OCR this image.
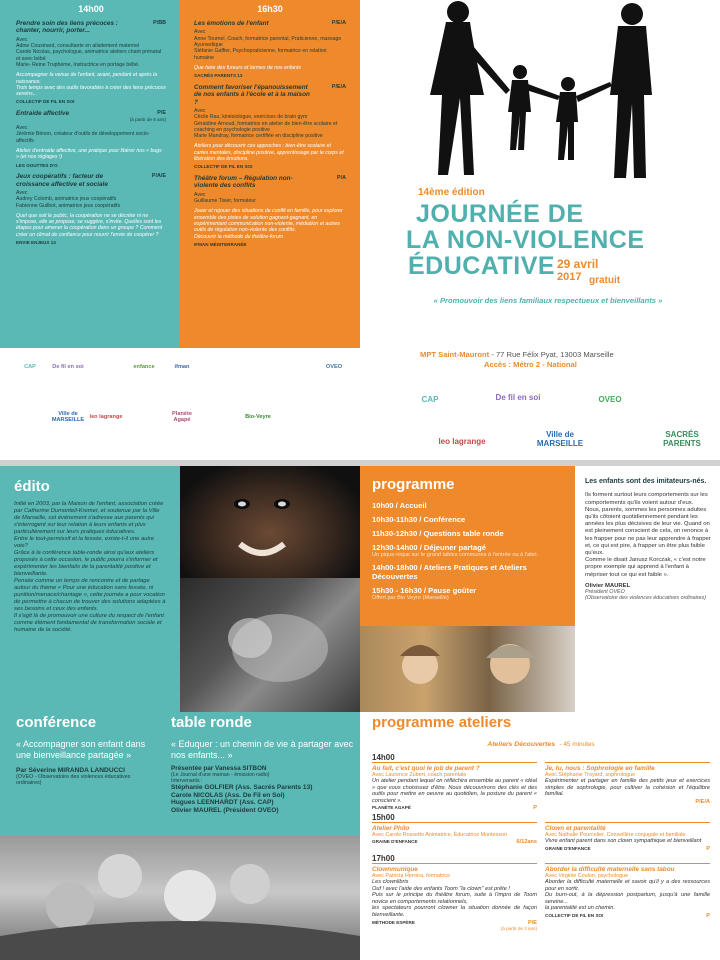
14h00
Prendre soin des liens précoces : chanter, nourrir, porter...
P/BB
Avec
Adine Cousinard, consultante en allaitement maternel
Carole Nicolas, psychologue, animatrice ateliers chant prénatal et avec bébé
Marie- Reine Truphème, Instructrice en portage bébé.
Accompagner la venue de l'enfant, avant, pendant et après la naissance.
Trois temps avec des outils favorables à créer des liens précoces sereins...
COLLECTIF DE FIL EN SOI
Entraide affective	P/E
(à partir de 6 ans)
Avec
Jérémie Bénon, créateur d'outils de développement socio-affectifs
Atelier d'entraide affective, une pratique pour libérer nos « bugs » (et nos réglages !)
LES GOUTTES D'O
Jeux coopératifs : facteur de croissance affective et sociale
P/A/E
Avec
Audrey Colomb, animatrice jeux coopératifs
Fabienne Guilbot, animatrice jeux coopératifs
Quel que soit le public, la coopération ne se décrète ni ne s'impose, elle se propose, se suggère, s'invite. Quelles sont les étapes pour amener la coopération dans un groupe ? Comment créer un climat de confiance pour nourrir l'envie de coopérer ?
ENVIE ENJEUX 13
16h30
Les émotions de l'enfant	P/E/A
Avec
Anne Tournel, Coach, formatrice parental, Praticienne, massage Ayurvedique
Stéfanie Gaffier, Psychopraticienne, formatrice en relation humaine
Que faire des fureurs et larmes de nos enfants
SACRÉS PARENTS 13
Comment favoriser l'épanouissement de nos enfants à l'école et à la maison ?
P/E/A
Avec
Cécile Rau, kinésiologue, exercices de brain gym
Géraldine Arnoud, formatrice en atelier de bien-être scolaire et coaching en psychologie positive
Marie Mandray, formatrice certifiée en discipline positive
Ateliers pour découvrir ces approches : bien-être scolaire et cartes mentales, discipline positive, apprentissage par le corps et libération des émotions.
COLLECTIF DE FIL EN SOI
Théâtre forum – Régulation non-violente des conflits
P/A
Avec
Guillaume Tisier, formateur
Jouer et rejouer des situations de conflit en famille, pour explorer ensemble des pistes de solution gagnant-gagnant, en expérimentant communication non-violente, médiation et autres outils de régulation non-violente des conflits.
Découvrir la méthode du théâtre-forum
IFMAN MÉDITERRANÉE
14ème édition
JOURNÉE DE
LA NON-VIOLENCE
ÉDUCATIVE 29 avril
2017 gratuit
« Promouvoir des liens familiaux respectueux et bienveillants »
CAP	De fil en soi	enfance	ifman	OVEO
Ville de MARSEILLE leo lagrange	Planète Agapé	Bio-Veyre
MPT Saint-Mauront - 77 Rue Félix Pyat, 13003 Marseille
Accès : Métro 2 - National
CAP	De fil en soi	OVEO
leo lagrange
Ville de MARSEILLE
SACRÉS PARENTS
édito
Initié en 2003, par la Maison de l'enfant, association créée par Catherine Dumonteil-Kremer, et soutenue par la Ville de Marseille, cet événement s'adresse aux parents qui s'interrogent sur leur relation à leurs enfants et plus particulièrement sur leurs pratiques éducatives.
Entre le tout-permissif et la fessée, existe-t-il une autre voie?
Grâce à la conférence table-ronde ainsi qu'aux ateliers proposés à cette occasion, le public pourra s'informer et expérimenter les bienfaits de la parentalité positive et bienveillante.
Pensée comme un temps de rencontre et de partage autour du thème « Pour une éducation sans fessée, ni punition/menace/chantage », cette journée a pour vocation de permettre à chacun de trouver des solutions adaptées à ses besoins et ceux des enfants.
Il s'agit là de promouvoir une culture du respect de l'enfant comme élément fondamental de transformation sociale et humaine de la société.
programme
10h00 / Accueil
10h30-11h30 / Conférence
11h30-12h30 / Questions table ronde
12h30-14h00 / Déjeuner partagé
Un pique-nique sur le grand tables communes à l'entrée ou à l'abri.
14h00-18h00 / Ateliers Pratiques et Ateliers Découvertes
15h30 - 16h30 / Pause goûter
Offert par Bio Veyre (Marseille)
Les enfants sont des imitateurs-nés.
Ils forment surtout leurs comportements sur les comportements qu'ils voient autour d'eux.
Nous, parents, sommes les personnes adultes qu'ils côtoient quotidiennement pendant les années les plus décisives de leur vie. Quand on est pleinement conscient de cela, on renonce à les frapper pour ne pas leur apprendre à frapper et, ce qui est pire, à frapper un être plus faible qu'eux.
Comme le disait Janusz Korczak, « c'est notre propre exemple qui apprend à l'enfant à mépriser tout ce qui est faible ».
Olivier MAUREL
Président OVEO
(Observatoire des violences éducatives ordinaires)
conférence
« Accompagner son enfant dans une bienveillance partagée »
Par Séverine MIRANDA LANDUCCI
(OVEO - Observatoire des violences éducatives ordinaires)
table ronde
« Eduquer : un chemin de vie à partager avec nos enfants... »
Présentée par Vanessa SITBON
(Le Journal d'une maman - émission radio)
Intervenants :
Stéphanie GOLFIER (Ass. Sacrés Parents 13)
Carole NICOLAS (Ass. De Fil en Soi)
Hugues LEENHARDT (Ass. CAP)
Olivier MAUREL (Président OVEO)
programme ateliers
Ateliers Découvertes - 45 minutes
14h00
Au fait, c'est quoi le job de parent ?
Avec Laurence Zubert, coach parentale
Un atelier pendant lequel on réfléchira ensemble au parent « idéal » que vous choisissez d'être. Nous découvrirons des clés et des outils pour mettre en oeuvre au quotidien, la posture du parent « conscient ».
PLANÈTE AGAPÉ	P
Je, tu, nous : Sophrologie en famille
Avec Stéphanie Troyard, sophrologue
Expérimenter et partager en famille des petits jeux et exercices simples de sophrologie, pour cultiver la cohésion et l'équilibre familial.
P/E/A
15h00
Atelier Philo
Avec Carole Rossetto Animatrice, Éducatrice Montessori
GRAINE D'ENFANCE	6/12ans
Clown et parentalité
Avec Nathalie Pourcelier, Conseillère conjugale et familiale
Vivre enfant parent dans son clown sympathique et bienveillant
GRAINE D'ENFANCE	P
17h00
Clownmunique
Avec Patricia Herrera, formatrice
Les clownlibris
Ouf ! avec l'aide des enfants Toom "la clown" est prête !
Puis sur le principe du théâtre forum, suite à l'impro de Toom novice en comportements relationnels,
les spectateurs pourront clowner la situation donnée de façon bienveillante.
MÉTHODE ESPÈRE	P/E
(à partir de 2 ans)
Aborder la difficulté maternelle sans tabou
Avec Virginie Coulon, psychologue
Aborder la difficulté maternelle et savoir qu'il y a des ressources pour en sortir.
Du burn-out, à la dépression postpartum, jusqu'à une famille sereine...
la parentalité est un chemin.
COLLECTIF DE FIL EN SOI	P
